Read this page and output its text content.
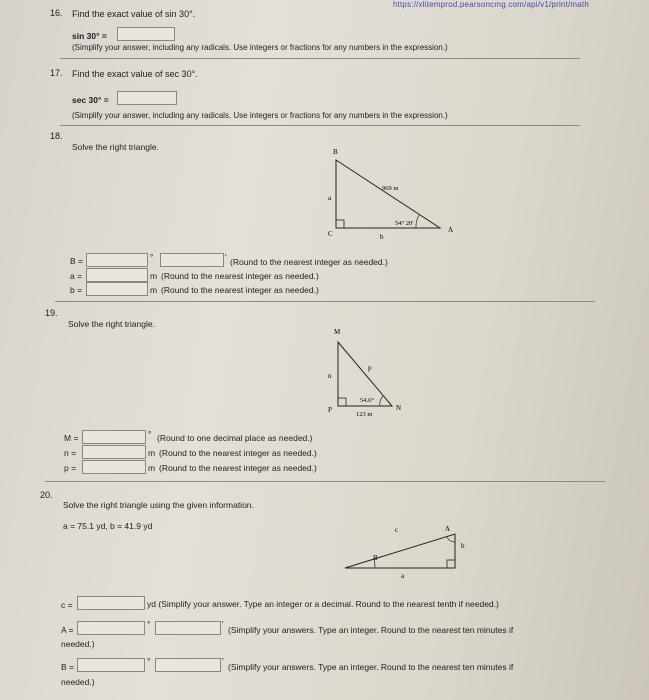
https://xlitemprod.pearsoncmg.com/api/v1/print/math
16. Find the exact value of sin 30°.
sin 30° =
(Simplify your answer, including any radicals. Use integers or fractions for any numbers in the expression.)
17. Find the exact value of sec 30°.
sec 30° =
(Simplify your answer, including any radicals. Use integers or fractions for any numbers in the expression.)
18.
Solve the right triangle.	B
969 m
a
54° 20'
A
C	b
B =	°	' (Round to the nearest integer as needed.)
a =	m (Round to the nearest integer as needed.)
b =	m (Round to the nearest integer as needed.)
19.
Solve the right triangle.
M
p
n
54.6°
P
123 m
N
M =	° (Round to one decimal place as needed.)
n =	m (Round to the nearest integer as needed.)
p =	m (Round to the nearest integer as needed.)
20.
Solve the right triangle using the given information.
a = 75.1 yd, b = 41.9 yd	c	A
b
B
a
c =	yd (Simplify your answer. Type an integer or a decimal. Round to the nearest tenth if needed.)
A =
°	'
(Simplify your answers. Type an integer. Round to the nearest ten minutes if
needed.)
B =
°	'
(Simplify your answers. Type an integer. Round to the nearest ten minutes if
needed.)
